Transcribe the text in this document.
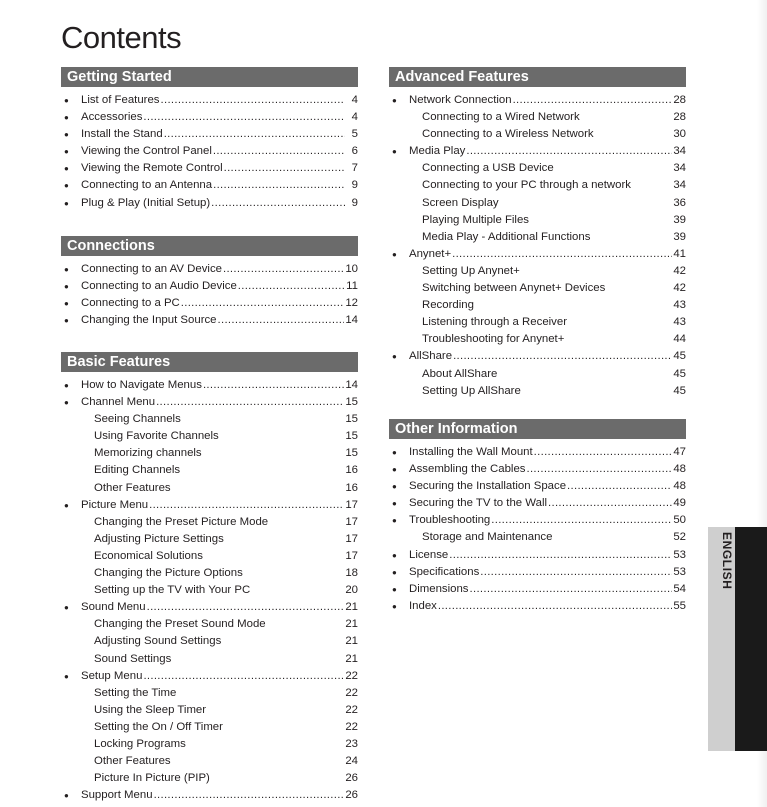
Contents
Getting Started
● List of Features .....	4
● Accessories .....	4
● Install the Stand .....	5
● Viewing the Control Panel .....	6
● Viewing the Remote Control .....	7
● Connecting to an Antenna .....	9
● Plug & Play (Initial Setup) .....	9
Connections
● Connecting to an AV Device .....	10
● Connecting to an Audio Device .....	11
● Connecting to a PC .....	12
● Changing the Input Source .....	14
Basic Features
● How to Navigate Menus .....	14
● Channel Menu .....	15
Seeing Channels	15
Using Favorite Channels	15
Memorizing channels	15
Editing Channels	16
Other Features	16
● Picture Menu .....	17
Changing the Preset Picture Mode	17
Adjusting Picture Settings	17
Economical Solutions	17
Changing the Picture Options	18
Setting up the TV with Your PC	20
● Sound Menu .....	21
Changing the Preset Sound Mode	21
Adjusting Sound Settings	21
Sound Settings	21
● Setup Menu .....	22
Setting the Time	22
Using the Sleep Timer	22
Setting the On / Off Timer	22
Locking Programs	23
Other Features	24
Picture In Picture (PIP)	26
● Support Menu .....	26
Advanced Features
● Network Connection .....	28
Connecting to a Wired Network	28
Connecting to a Wireless Network	30
● Media Play .....	34
Connecting a USB Device	34
Connecting to your PC through a network	34
Screen Display	36
Playing Multiple Files	39
Media Play - Additional Functions	39
● Anynet+ .....	41
Setting Up Anynet+	42
Switching between Anynet+ Devices	42
Recording	43
Listening through a Receiver	43
Troubleshooting for Anynet+	44
● AllShare .....	45
About AllShare	45
Setting Up AllShare	45
Other Information
● Installing the Wall Mount .....	47
● Assembling the Cables .....	48
● Securing the Installation Space .....	48
● Securing the TV to the Wall .....	49
● Troubleshooting .....	50
Storage and Maintenance	52
● License .....	53
● Specifications .....	53
● Dimensions .....	54
● Index .....	55
ENGLISH
